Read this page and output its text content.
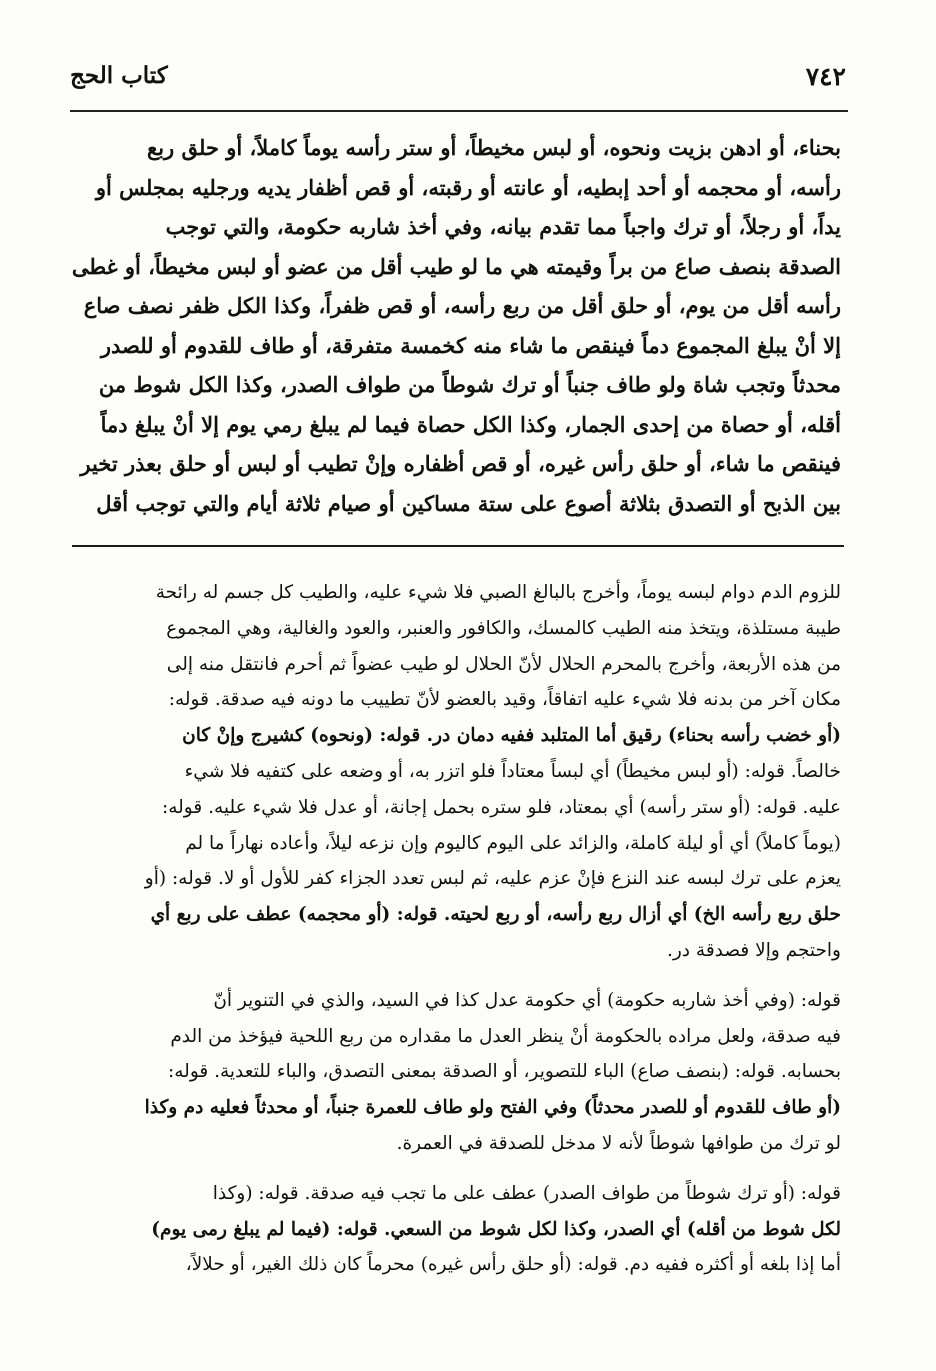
٧٤٢
كتاب الحج
بحناء، أو ادهن بزيت ونحوه، أو لبس مخيطاً، أو ستر رأسه يوماً كاملاً، أو حلق ربع
رأسه، أو محجمه أو أحد إبطيه، أو عانته أو رقبته، أو قص أظفار يديه ورجليه بمجلس أو
يداً، أو رجلاً، أو ترك واجباً مما تقدم بيانه، وفي أخذ شاربه حكومة، والتي توجب
الصدقة بنصف صاع من براً وقيمته هي ما لو طيب أقل من عضو أو لبس مخيطاً، أو غطى
رأسه أقل من يوم، أو حلق أقل من ربع رأسه، أو قص ظفراً، وكذا الكل ظفر نصف صاع
إلا أنْ يبلغ المجموع دماً فينقص ما شاء منه كخمسة متفرقة، أو طاف للقدوم أو للصدر
محدثاً وتجب شاة ولو طاف جنباً أو ترك شوطاً من طواف الصدر، وكذا الكل شوط من
أقله، أو حصاة من إحدى الجمار، وكذا الكل حصاة فيما لم يبلغ رمي يوم إلا أنْ يبلغ دماً
فينقص ما شاء، أو حلق رأس غيره، أو قص أظفاره وإنْ تطيب أو لبس أو حلق بعذر تخير
بين الذبح أو التصدق بثلاثة أصوع على ستة مساكين أو صيام ثلاثة أيام والتي توجب أقل
للزوم الدم دوام لبسه يوماً، وأخرج بالبالغ الصبي فلا شيء عليه، والطيب كل جسم له رائحة
طيبة مستلذة، ويتخذ منه الطيب كالمسك، والكافور والعنبر، والعود والغالية، وهي المجموع
من هذه الأربعة، وأخرج بالمحرم الحلال لأنّ الحلال لو طيب عضواً ثم أحرم فانتقل منه إلى
مكان آخر من بدنه فلا شيء عليه اتفاقاً، وقيد بالعضو لأنّ تطييب ما دونه فيه صدقة. قوله:
(أو خضب رأسه بحناء) رقيق أما المتلبد ففيه دمان در. قوله: (ونحوه) كشيرج وإنْ كان
خالصاً. قوله: (أو لبس مخيطاً) أي لبساً معتاداً فلو اتزر به، أو وضعه على كتفيه فلا شيء
عليه. قوله: (أو ستر رأسه) أي بمعتاد، فلو ستره بحمل إجانة، أو عدل فلا شيء عليه. قوله:
(يوماً كاملاً) أي أو ليلة كاملة، والزائد على اليوم كاليوم وإن نزعه ليلاً، وأعاده نهاراً ما لم
يعزم على ترك لبسه عند النزع فإنْ عزم عليه، ثم لبس تعدد الجزاء كفر للأول أو لا. قوله: (أو
حلق ربع رأسه الخ) أي أزال ربع رأسه، أو ربع لحيته. قوله: (أو محجمه) عطف على ربع أي
واحتجم وإلا فصدقة در.
قوله: (وفي أخذ شاربه حكومة) أي حكومة عدل كذا في السيد، والذي في التنوير أنّ
فيه صدقة، ولعل مراده بالحكومة أنْ ينظر العدل ما مقداره من ربع اللحية فيؤخذ من الدم
بحسابه. قوله: (بنصف صاع) الباء للتصوير، أو الصدقة بمعنى التصدق، والباء للتعدية. قوله:
(أو طاف للقدوم أو للصدر محدثاً) وفي الفتح ولو طاف للعمرة جنباً، أو محدثاً فعليه دم وكذا
لو ترك من طوافها شوطاً لأنه لا مدخل للصدقة في العمرة.
قوله: (أو ترك شوطاً من طواف الصدر) عطف على ما تجب فيه صدقة. قوله: (وكذا
لكل شوط من أقله) أي الصدر، وكذا لكل شوط من السعي. قوله: (فيما لم يبلغ رمى يوم)
أما إذا بلغه أو أكثره ففيه دم. قوله: (أو حلق رأس غيره) محرماً كان ذلك الغير، أو حلالاً،
